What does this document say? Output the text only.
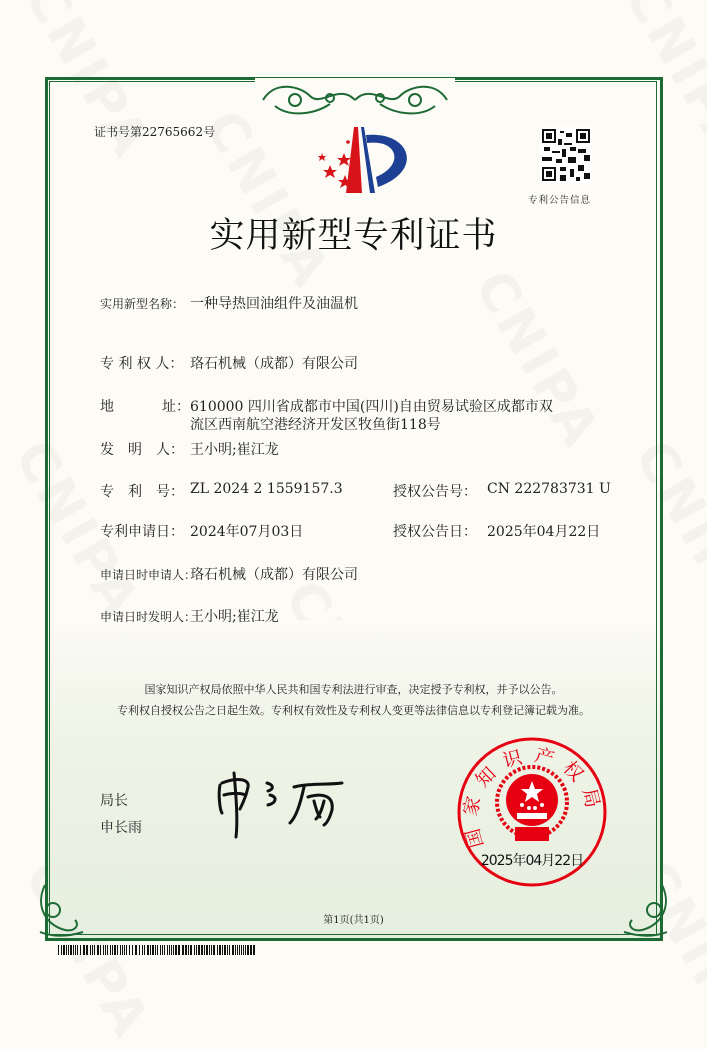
证书号第22765662号
专利公告信息
实用新型专利证书
实用新型名称： 一种导热回油组件及油温机
专 利 权 人： 珞石机械（成都）有限公司
地	址： 610000 四川省成都市中国(四川)自由贸易试验区成都市双
流区西南航空港经济开发区牧鱼街118号
发　明　人： 王小明;崔江龙
专　利　号： ZL 2024 2 1559157.3	授权公告号： CN 222783731 U
专利申请日： 2024年07月03日	授权公告日： 2025年04月22日
申请日时申请人：
珞石机械（成都）有限公司
申请日时发明人：
王小明;崔江龙
国家知识产权局依照中华人民共和国专利法进行审查，决定授予专利权，并予以公告。
专利权自授权公告之日起生效。专利权有效性及专利权人变更等法律信息以专利登记簿记载为准。
局长
申长雨	国家知识产权局
2025年04月22日
第1页(共1页)
